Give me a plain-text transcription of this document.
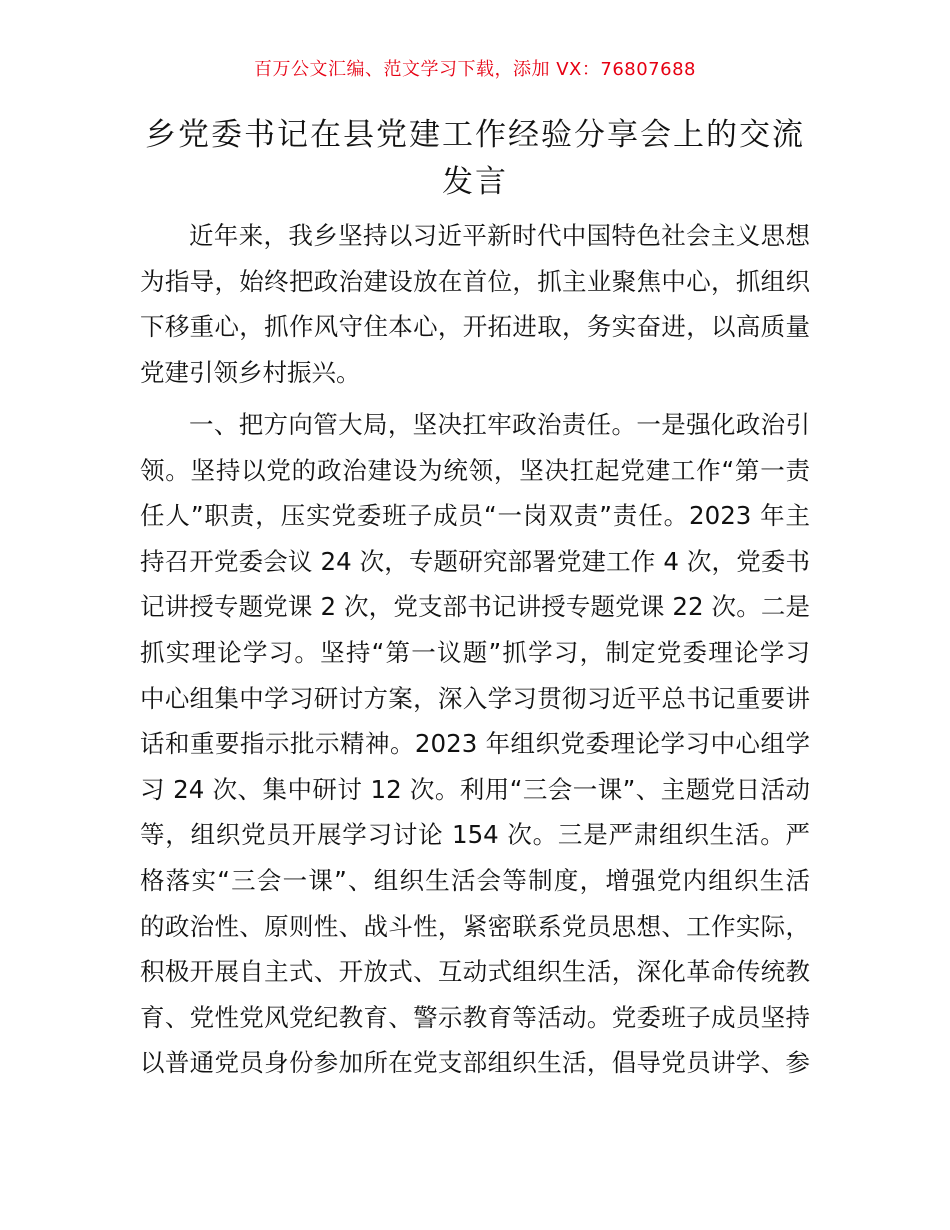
百万公文汇编、范文学习下载，添加 VX：76807688
乡党委书记在县党建工作经验分享会上的交流
发言

近年来，我乡坚持以习近平新时代中国特色社会主义思想
为指导，始终把政治建设放在首位，抓主业聚焦中心，抓组织
下移重心，抓作风守住本心，开拓进取，务实奋进，以高质量
党建引领乡村振兴。

一、把方向管大局，坚决扛牢政治责任。一是强化政治引
领。坚持以党的政治建设为统领，坚决扛起党建工作“第一责
任人”职责，压实党委班子成员“一岗双责”责任。2023 年主
持召开党委会议 24 次，专题研究部署党建工作 4 次，党委书
记讲授专题党课 2 次，党支部书记讲授专题党课 22 次。二是
抓实理论学习。坚持“第一议题”抓学习，制定党委理论学习
中心组集中学习研讨方案，深入学习贯彻习近平总书记重要讲
话和重要指示批示精神。2023 年组织党委理论学习中心组学
习 24 次、集中研讨 12 次。利用“三会一课”、主题党日活动
等，组织党员开展学习讨论 154 次。三是严肃组织生活。严
格落实“三会一课”、组织生活会等制度，增强党内组织生活
的政治性、原则性、战斗性，紧密联系党员思想、工作实际，
积极开展自主式、开放式、互动式组织生活，深化革命传统教
育、党性党风党纪教育、警示教育等活动。党委班子成员坚持
以普通党员身份参加所在党支部组织生活，倡导党员讲学、参
